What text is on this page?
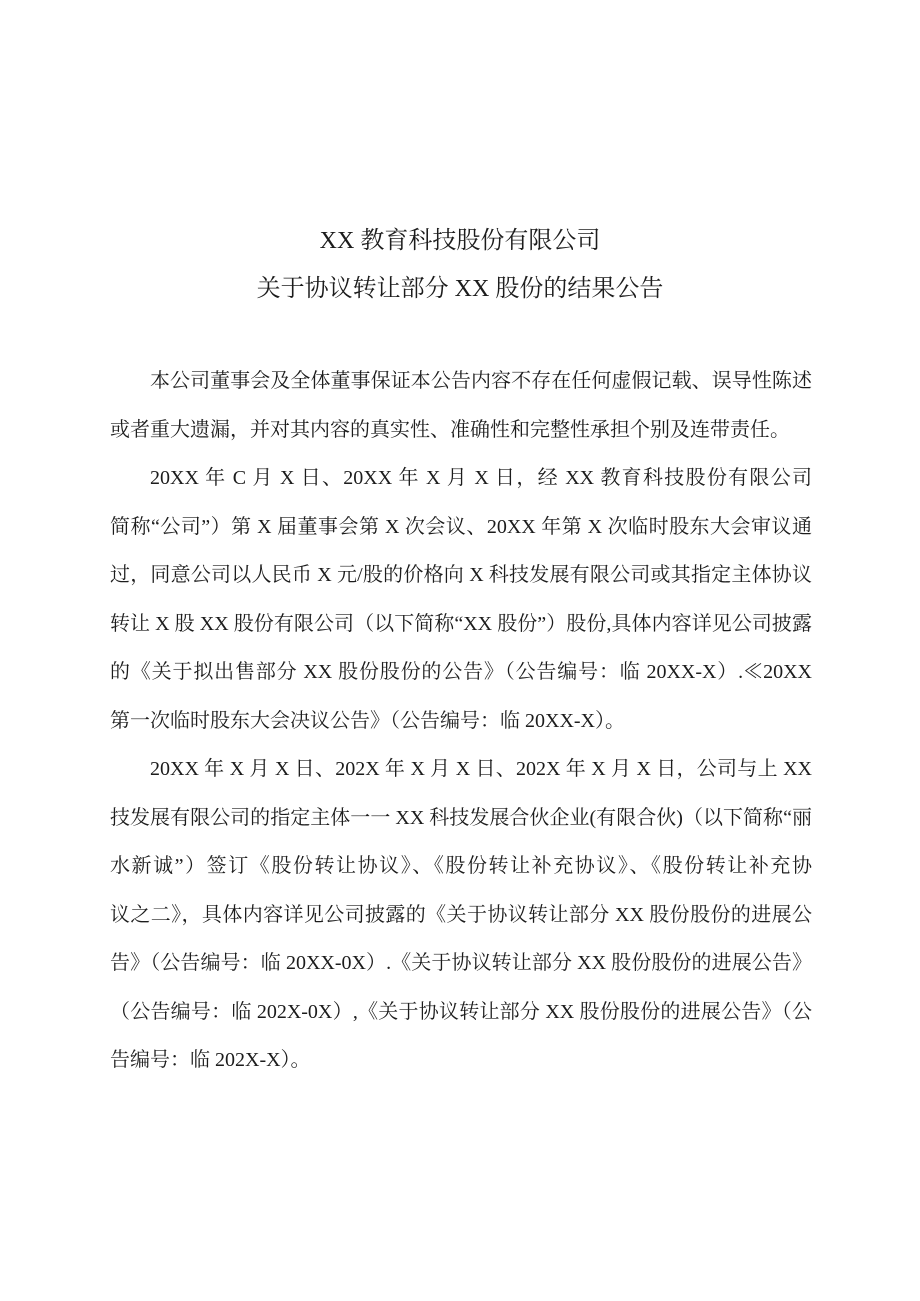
XX 教育科技股份有限公司
关于协议转让部分 XX 股份的结果公告
本公司董事会及全体董事保证本公告内容不存在任何虚假记载、误导性陈述
或者重大遗漏，并对其内容的真实性、准确性和完整性承担个别及连带责任。
20XX 年 C 月 X 日、20XX 年 X 月 X 日，经 XX 教育科技股份有限公司
简称“公司”）第 X 届董事会第 X 次会议、20XX 年第 X 次临时股东大会审议通
过，同意公司以人民币 X 元/股的价格向 X 科技发展有限公司或其指定主体协议
转让 X 股 XX 股份有限公司（以下简称“XX 股份”）股份,具体内容详见公司披露
的《关于拟出售部分 XX 股份股份的公告》（公告编号：临 20XX-X）.≪20XX
第一次临时股东大会决议公告》（公告编号：临 20XX-X）。
20XX 年 X 月 X 日、202X 年 X 月 X 日、202X 年 X 月 X 日，公司与上 XX
技发展有限公司的指定主体一一 XX 科技发展合伙企业(有限合伙)（以下简称“丽
水新诚”）签订《股份转让协议》、《股份转让补充协议》、《股份转让补充协
议之二》，具体内容详见公司披露的《关于协议转让部分 XX 股份股份的进展公
告》（公告编号：临 20XX-0X）.《关于协议转让部分 XX 股份股份的进展公告》
（公告编号：临 202X-0X）,《关于协议转让部分 XX 股份股份的进展公告》（公
告编号：临 202X-X）。
